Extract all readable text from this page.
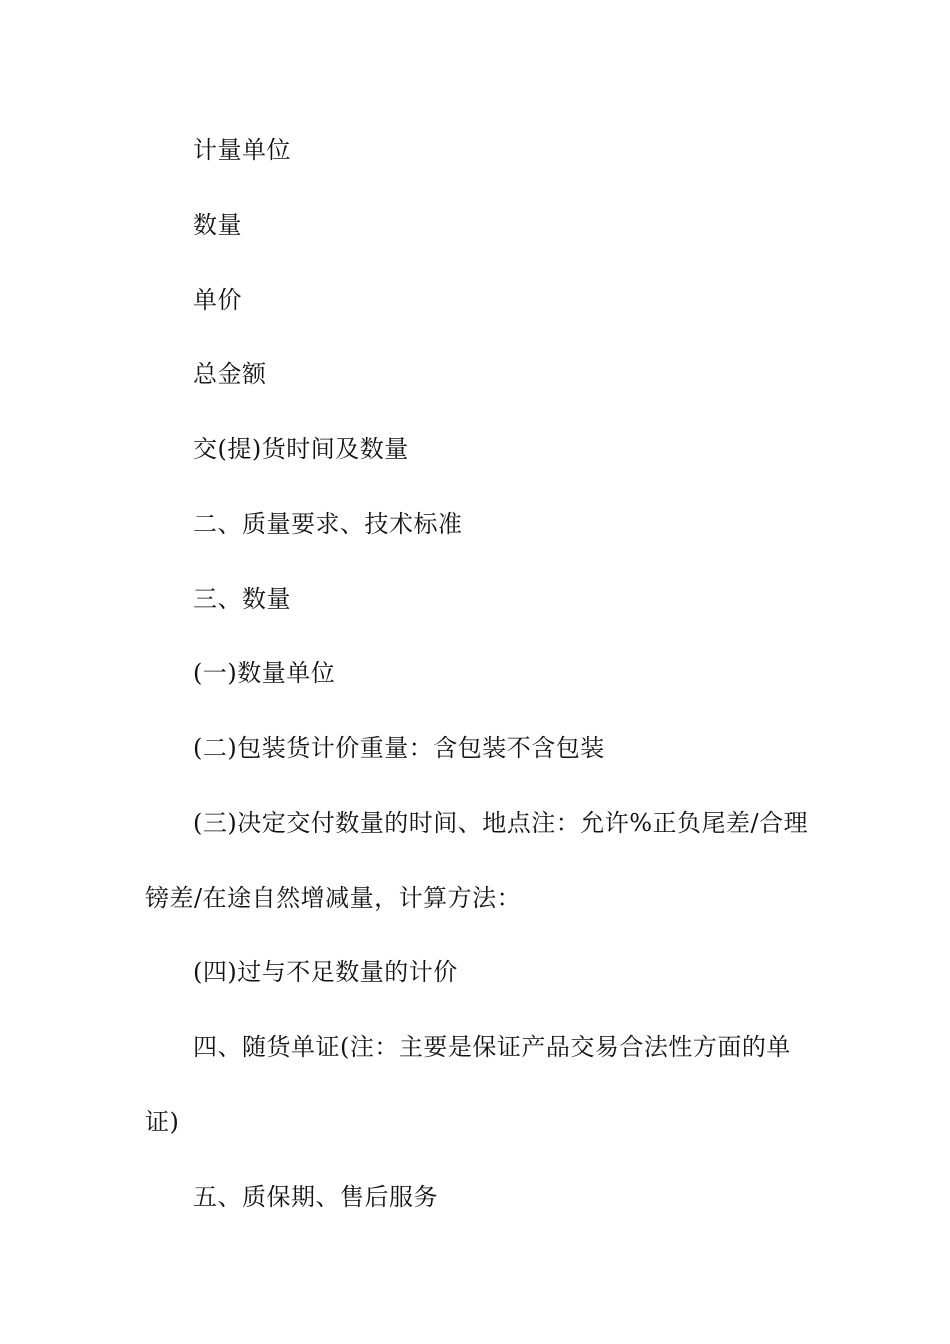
计量单位
数量
单价
总金额
交(提)货时间及数量
二、质量要求、技术标准
三、数量
(一)数量单位
(二)包装货计价重量：含包装不含包装
(三)决定交付数量的时间、地点注：允许%正负尾差/合理
镑差/在途自然增减量，计算方法：
(四)过与不足数量的计价
四、随货单证(注：主要是保证产品交易合法性方面的单
证)
五、质保期、售后服务
